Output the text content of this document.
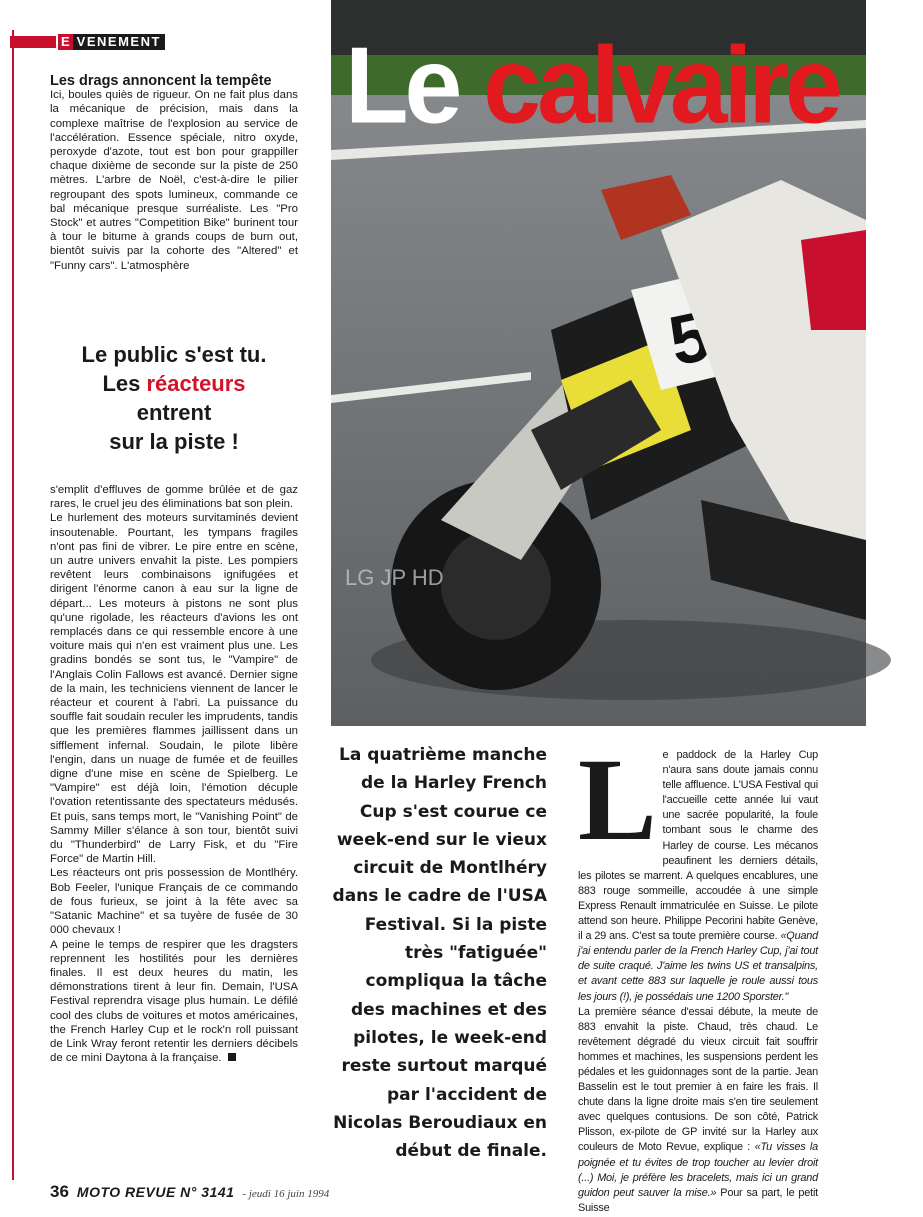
E VENEMENT

Les drags annoncent la tempête

Ici, boules quiès de rigueur. On ne fait plus dans la mécanique de précision, mais dans la complexe maîtrise de l'explosion au service de l'accélération. Essence spéciale, nitro oxyde, peroxyde d'azote, tout est bon pour grappiller chaque dixième de seconde sur la piste de 250 mètres. L'arbre de Noël, c'est-à-dire le pilier regroupant des spots lumineux, commande ce bal mécanique presque surréaliste. Les "Pro Stock" et autres "Competition Bike" burinent tour à tour le bitume à grands coups de burn out, bientôt suivis par la cohorte des "Altered" et "Funny cars". L'atmosphère

Le public s'est tu.
Les réacteurs
entrent
sur la piste !

s'emplit d'effluves de gomme brûlée et de gaz rares, le cruel jeu des éliminations bat son plein.

Le hurlement des moteurs survitaminés devient insoutenable. Pourtant, les tympans fragiles n'ont pas fini de vibrer. Le pire entre en scène, un autre univers envahit la piste. Les pompiers revêtent leurs combinaisons ignifugées et dirigent l'énorme canon à eau sur la ligne de départ... Les moteurs à pistons ne sont plus qu'une rigolade, les réacteurs d'avions les ont remplacés dans ce qui ressemble encore à une voiture mais qui n'en est vraiment plus une. Les gradins bondés se sont tus, le "Vampire" de l'Anglais Colin Fallows est avancé. Dernier signe de la main, les techniciens viennent de lancer le réacteur et courent à l'abri. La puissance du souffle fait soudain reculer les imprudents, tandis que les premières flammes jaillissent dans un sifflement infernal. Soudain, le pilote libère l'engin, dans un nuage de fumée et de feuilles digne d'une mise en scène de Spielberg. Le "Vampire" est déjà loin, l'émotion décuple l'ovation retentissante des spectateurs médusés. Et puis, sans temps mort, le "Vanishing Point" de Sammy Miller s'élance à son tour, bientôt suivi du "Thunderbird" de Larry Fisk, et du "Fire Force" de Martin Hill.

Les réacteurs ont pris possession de Montlhéry. Bob Feeler, l'unique Français de ce commando de fous furieux, se joint à la fête avec sa "Satanic Machine" et sa tuyère de fusée de 30 000 chevaux !

A peine le temps de respirer que les dragsters reprennent les hostilités pour les dernières finales. Il est deux heures du matin, les démonstrations tirent à leur fin. Demain, l'USA Festival reprendra visage plus humain. Le défilé cool des clubs de voitures et motos américaines, the French Harley Cup et le rock'n roll puissant de Link Wray feront retentir les derniers décibels de ce mini Daytona à la française.

LG JP HD
Le calvaire d
La quatrième manche de la Harley French Cup s'est courue ce week-end sur le vieux circuit de Montlhéry dans le cadre de l'USA Festival. Si la piste très "fatiguée" compliqua la tâche des machines et des pilotes, le week-end reste surtout marqué par l'accident de Nicolas Beroudiaux en début de finale.

Le paddock de la Harley Cup n'aura sans doute jamais connu telle affluence. L'USA Festival qui l'accueille cette année lui vaut une sacrée popularité, la foule tombant sous le charme des Harley de course. Les mécanos peaufinent les derniers détails, les pilotes se marrent. A quelques encablures, une 883 rouge sommeille, accoudée à une simple Express Renault immatriculée en Suisse. Le pilote attend son heure. Philippe Pecorini habite Genève, il a 29 ans. C'est sa toute première course. «Quand j'ai entendu parler de la French Harley Cup, j'ai tout de suite craqué. J'aime les twins US et transalpins, et avant cette 883 sur laquelle je roule aussi tous les jours (!), je possédais une 1200 Sporster."

La première séance d'essai débute, la meute de 883 envahit la piste. Chaud, très chaud. Le revêtement dégradé du vieux circuit fait souffrir hommes et machines, les suspensions perdent les pédales et les guidonnages sont de la partie. Jean Basselin est le tout premier à en faire les frais. Il chute dans la ligne droite mais s'en tire seulement avec quelques contusions. De son côté, Patrick Plisson, ex-pilote de GP invité sur la Harley aux couleurs de Moto Revue, explique : «Tu visses la poignée et tu évites de trop toucher au levier droit (...) Moi, je préfère les bracelets, mais ici un grand guidon peut sauver la mise.» Pour sa part, le petit Suisse

36 MOTO REVUE N° 3141 - jeudi 16 juin 1994
